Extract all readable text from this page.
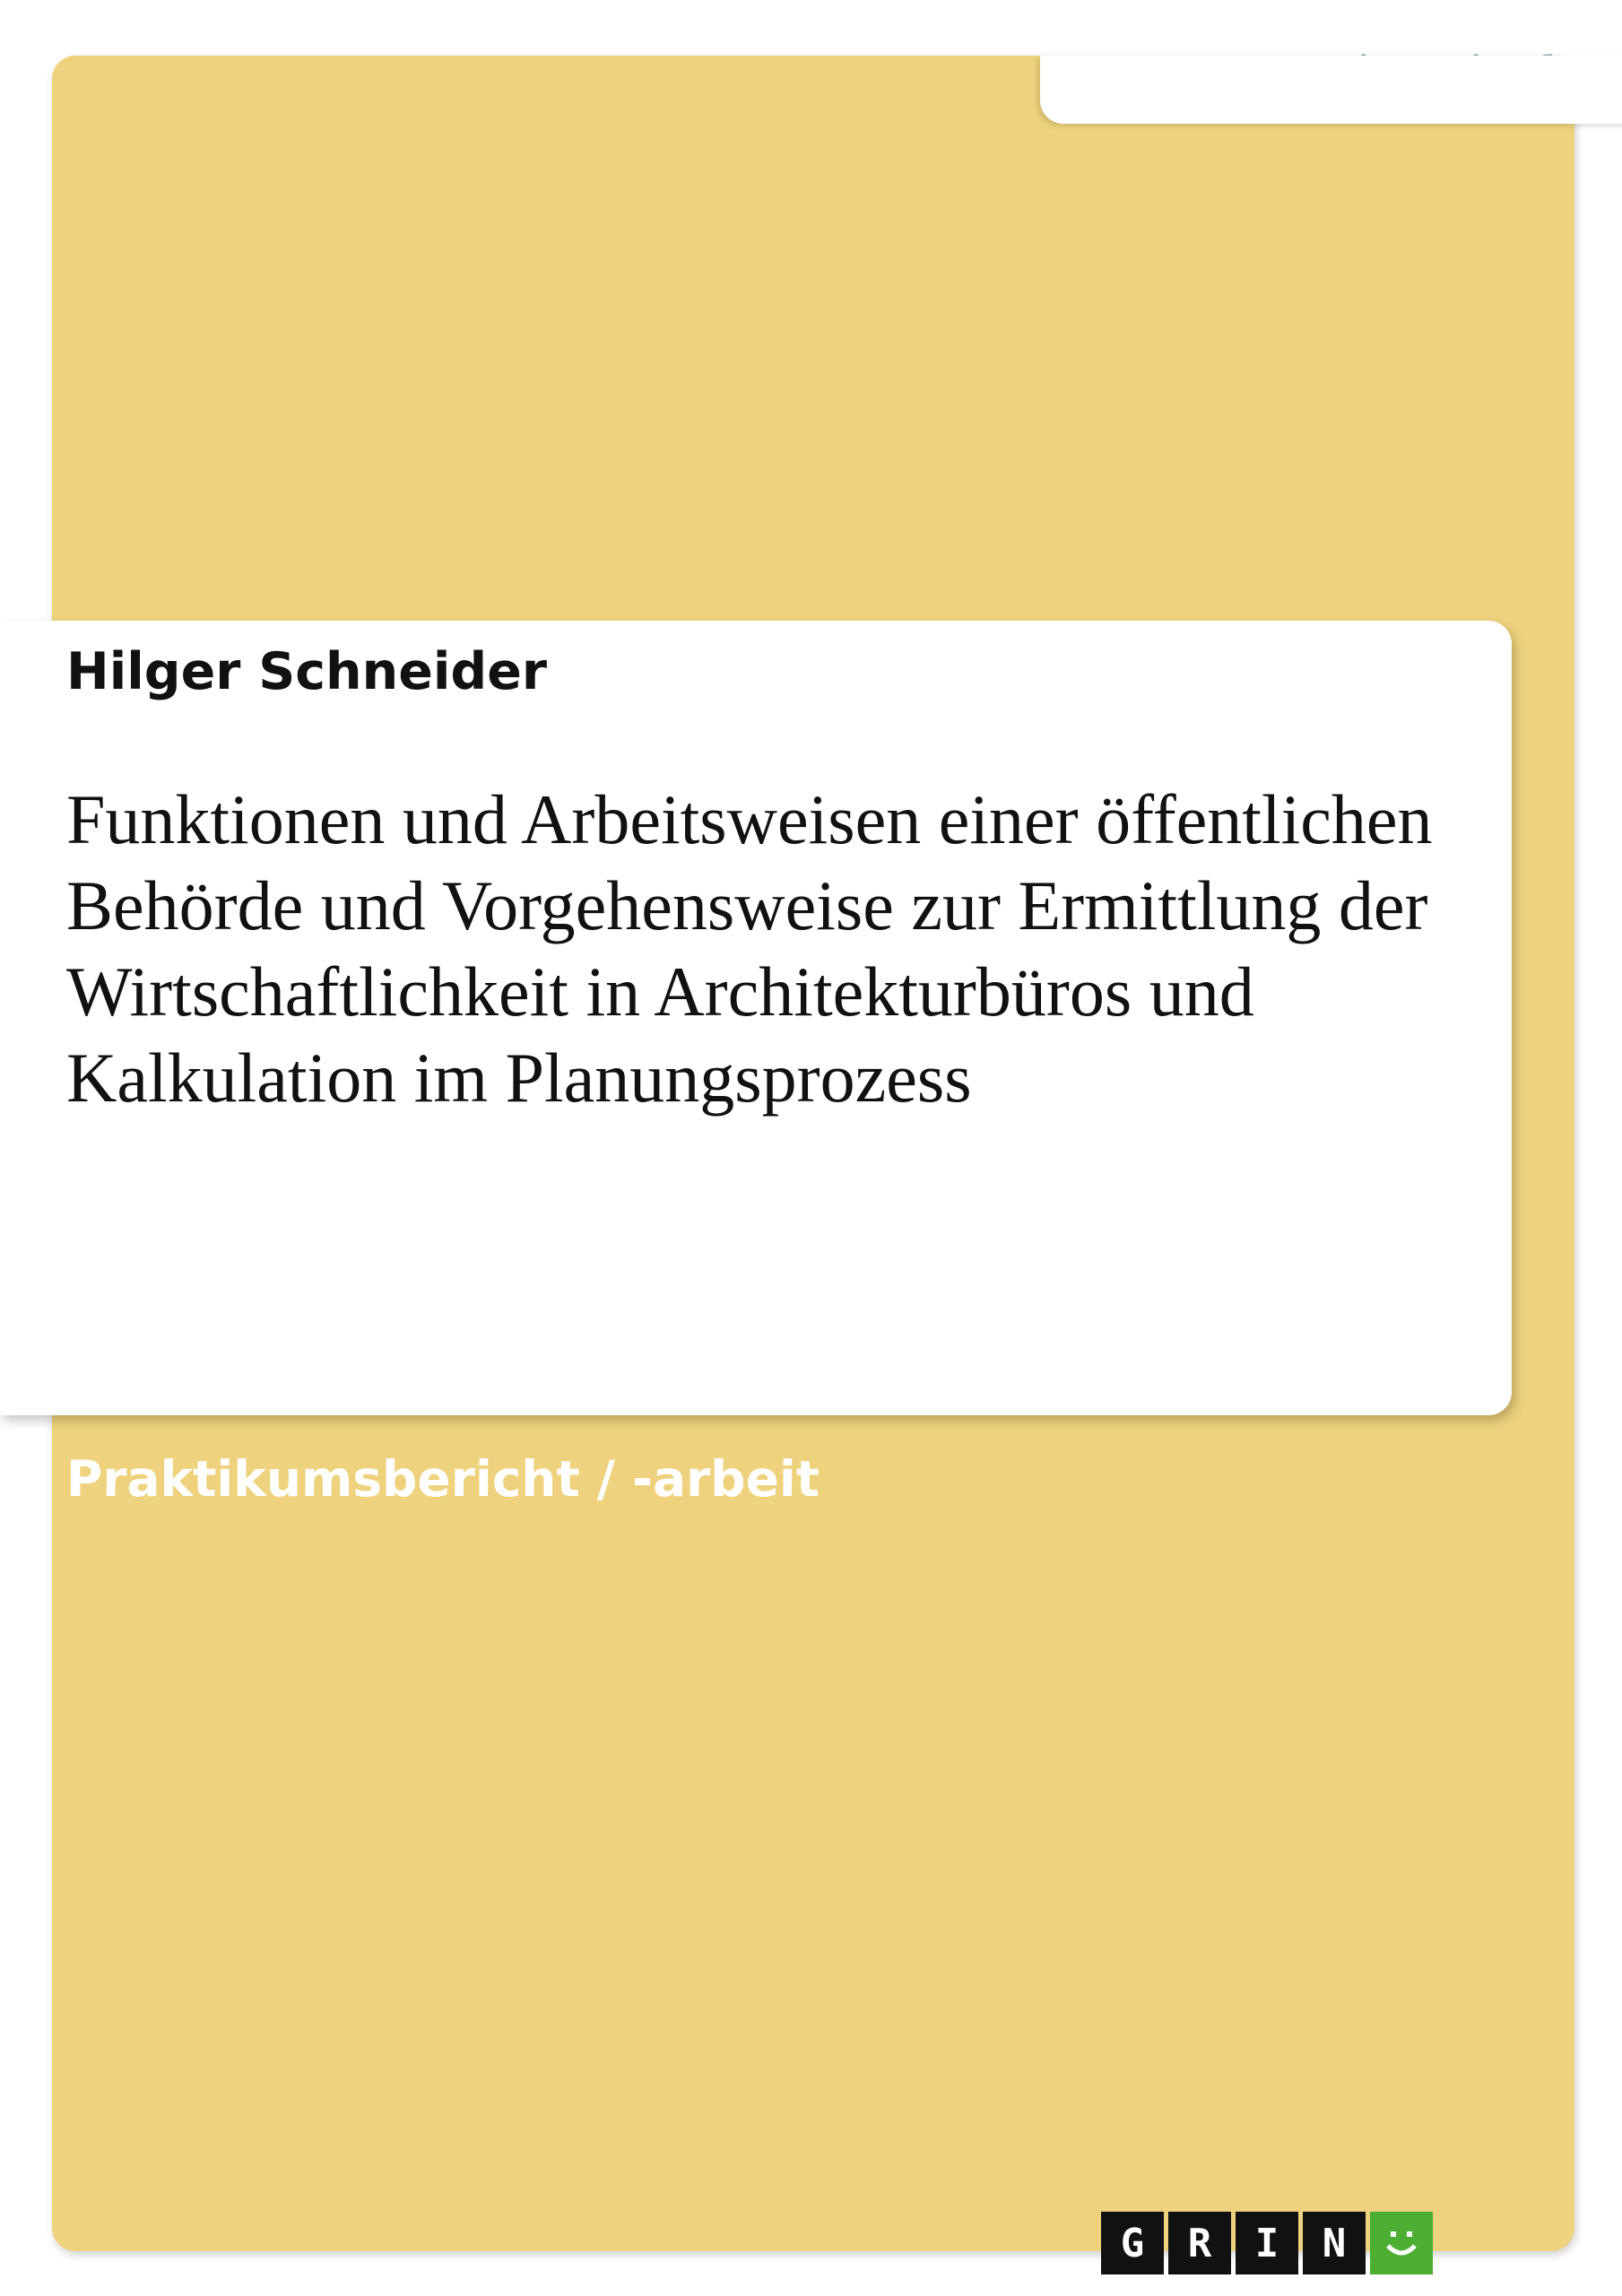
Hilger Schneider
Funktionen und Arbeitsweisen einer öffentlichen Behörde und Vorgehensweise zur Ermittlung der Wirtschaftlichkeit in Architekturbüros und Kalkulation im Planungsprozess
Praktikumsbericht / -arbeit
G	R	I	N
